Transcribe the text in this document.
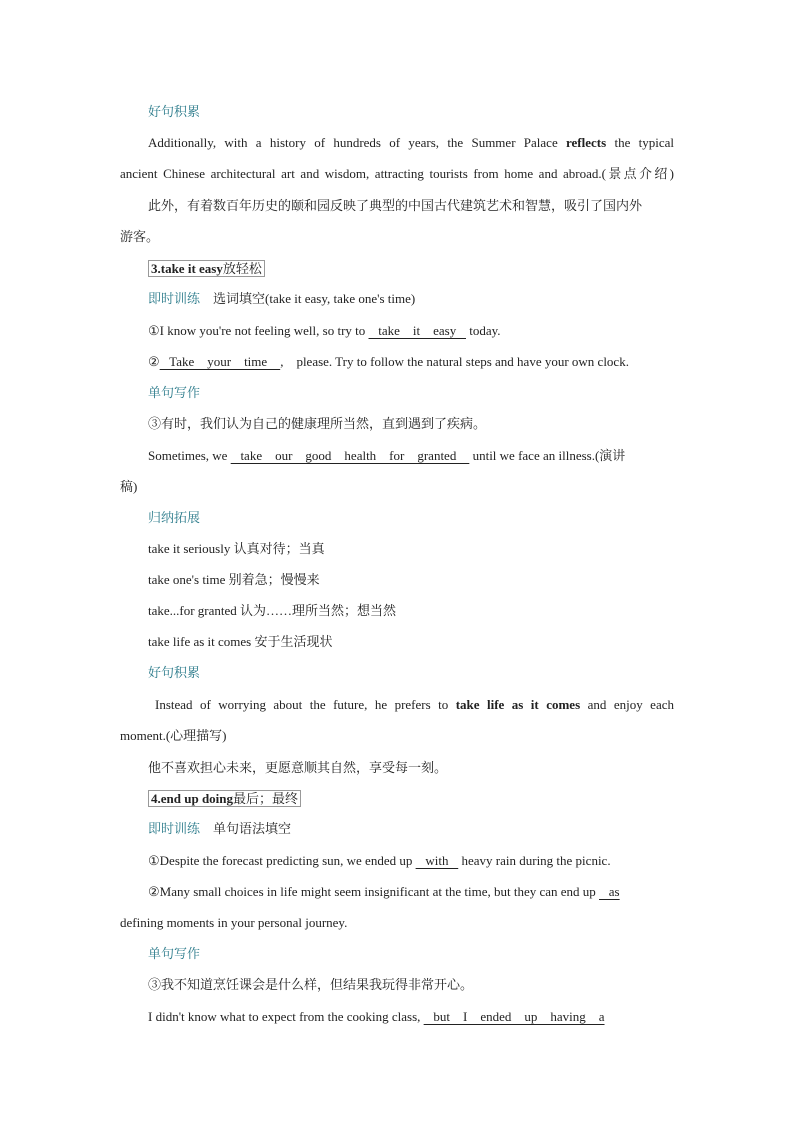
好句积累
Additionally, with a history of hundreds of years, the Summer Palace reflects the typical
ancient Chinese architectural art and wisdom, attracting tourists from home and abroad.(景点介绍)
此外，有着数百年历史的颐和园反映了典型的中国古代建筑艺术和智慧，吸引了国内外
游客。
3.take it easy放轻松
即时训练 选词填空(take it easy, take one's time)
①I know you're not feeling well, so try to    take    it    easy    today.
②   Take    your    time    ,    please. Try to follow the natural steps and have your own clock.
单句写作
③有时，我们认为自己的健康理所当然，直到遇到了疾病。
Sometimes, we    take    our    good    health    for    granted     until we face an illness.(演讲
稿)
归纳拓展
take it seriously 认真对待；当真
take one's time 别着急；慢慢来
take...for granted 认为……理所当然；想当然
take life as it comes 安于生活现状
好句积累
Instead of worrying about the future, he prefers to take life as it comes and enjoy each
moment.(心理描写)
他不喜欢担心未来，更愿意顺其自然，享受每一刻。
4.end up doing最后；最终
即时训练 单句语法填空
①Despite the forecast predicting sun, we ended up    with    heavy rain during the picnic.
②Many small choices in life might seem insignificant at the time, but they can end up    as
defining moments in your personal journey.
单句写作
③我不知道烹饪课会是什么样，但结果我玩得非常开心。
I didn't know what to expect from the cooking class,    but    I    ended    up    having    a
